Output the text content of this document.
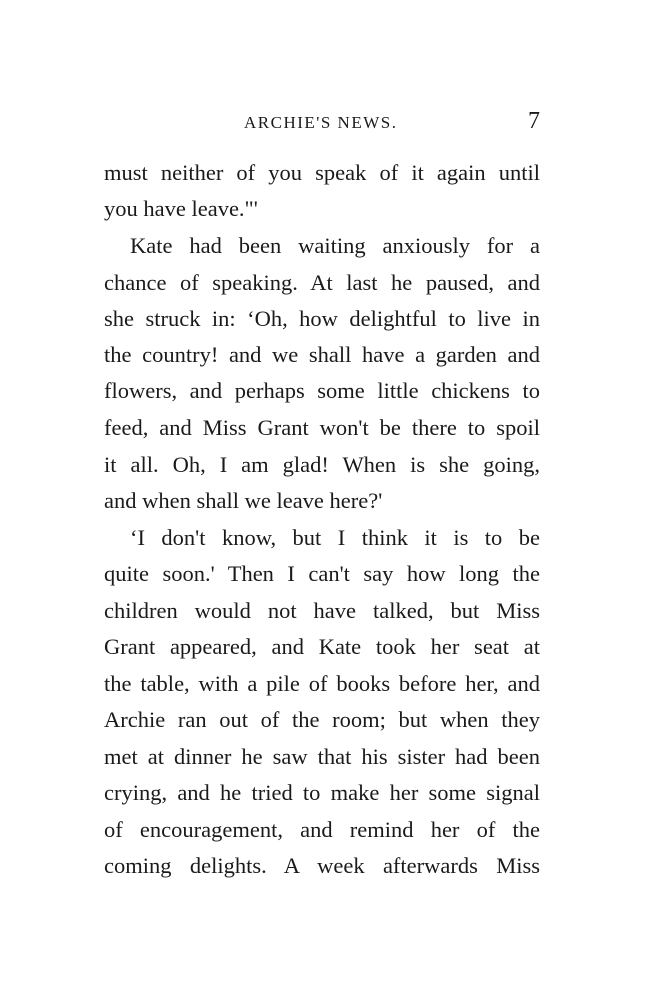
ARCHIE'S NEWS.	7
must neither of you speak of it again until
you have leave."'
Kate had been waiting anxiously for a
chance of speaking. At last he paused, and
she struck in: ‘Oh, how delightful to live in
the country! and we shall have a garden and
flowers, and perhaps some little chickens to
feed, and Miss Grant won't be there to spoil
it all. Oh, I am glad! When is she going,
and when shall we leave here?'
‘I don't know, but I think it is to be
quite soon.' Then I can't say how long the
children would not have talked, but Miss
Grant appeared, and Kate took her seat at
the table, with a pile of books before her, and
Archie ran out of the room; but when they
met at dinner he saw that his sister had been
crying, and he tried to make her some signal
of encouragement, and remind her of the
coming delights. A week afterwards Miss
